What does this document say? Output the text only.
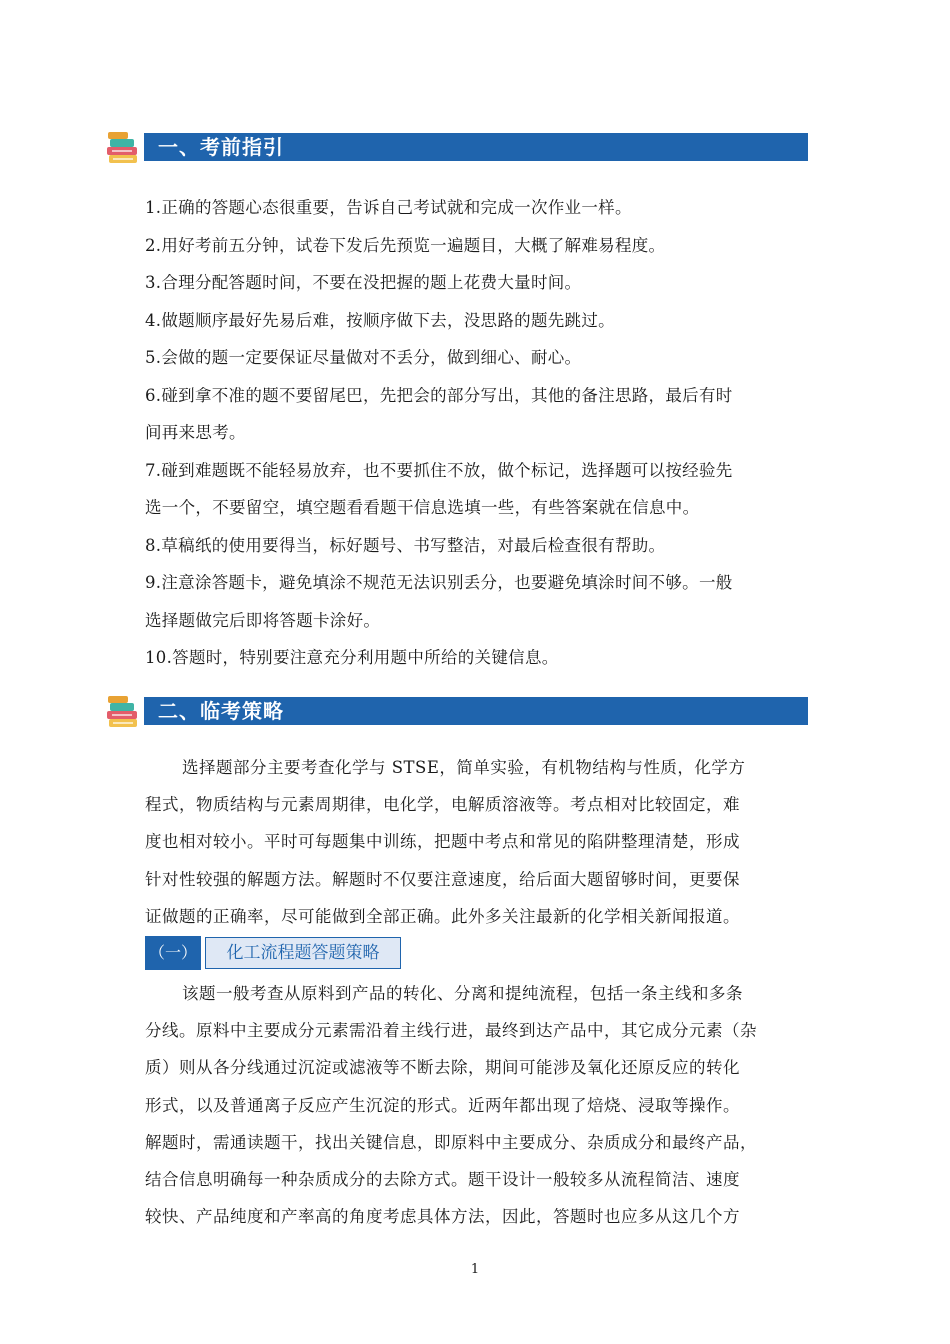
一、考前指引
1.正确的答题心态很重要，告诉自己考试就和完成一次作业一样。
2.用好考前五分钟，试卷下发后先预览一遍题目，大概了解难易程度。
3.合理分配答题时间，不要在没把握的题上花费大量时间。
4.做题顺序最好先易后难，按顺序做下去，没思路的题先跳过。
5.会做的题一定要保证尽量做对不丢分，做到细心、耐心。
6.碰到拿不准的题不要留尾巴，先把会的部分写出，其他的备注思路，最后有时
间再来思考。
7.碰到难题既不能轻易放弃，也不要抓住不放，做个标记，选择题可以按经验先
选一个，不要留空，填空题看看题干信息选填一些，有些答案就在信息中。
8.草稿纸的使用要得当，标好题号、书写整洁，对最后检查很有帮助。
9.注意涂答题卡，避免填涂不规范无法识别丢分，也要避免填涂时间不够。一般
选择题做完后即将答题卡涂好。
10.答题时，特别要注意充分利用题中所给的关键信息。
二、临考策略
选择题部分主要考查化学与 STSE，简单实验，有机物结构与性质，化学方
程式，物质结构与元素周期律，电化学，电解质溶液等。考点相对比较固定，难
度也相对较小。平时可每题集中训练，把题中考点和常见的陷阱整理清楚，形成
针对性较强的解题方法。解题时不仅要注意速度，给后面大题留够时间，更要保
证做题的正确率，尽可能做到全部正确。此外多关注最新的化学相关新闻报道。
（一）	化工流程题答题策略
该题一般考查从原料到产品的转化、分离和提纯流程，包括一条主线和多条
分线。原料中主要成分元素需沿着主线行进，最终到达产品中，其它成分元素（杂
质）则从各分线通过沉淀或滤液等不断去除，期间可能涉及氧化还原反应的转化
形式，以及普通离子反应产生沉淀的形式。近两年都出现了焙烧、浸取等操作。
解题时，需通读题干，找出关键信息，即原料中主要成分、杂质成分和最终产品，
结合信息明确每一种杂质成分的去除方式。题干设计一般较多从流程简洁、速度
较快、产品纯度和产率高的角度考虑具体方法，因此，答题时也应多从这几个方
1
